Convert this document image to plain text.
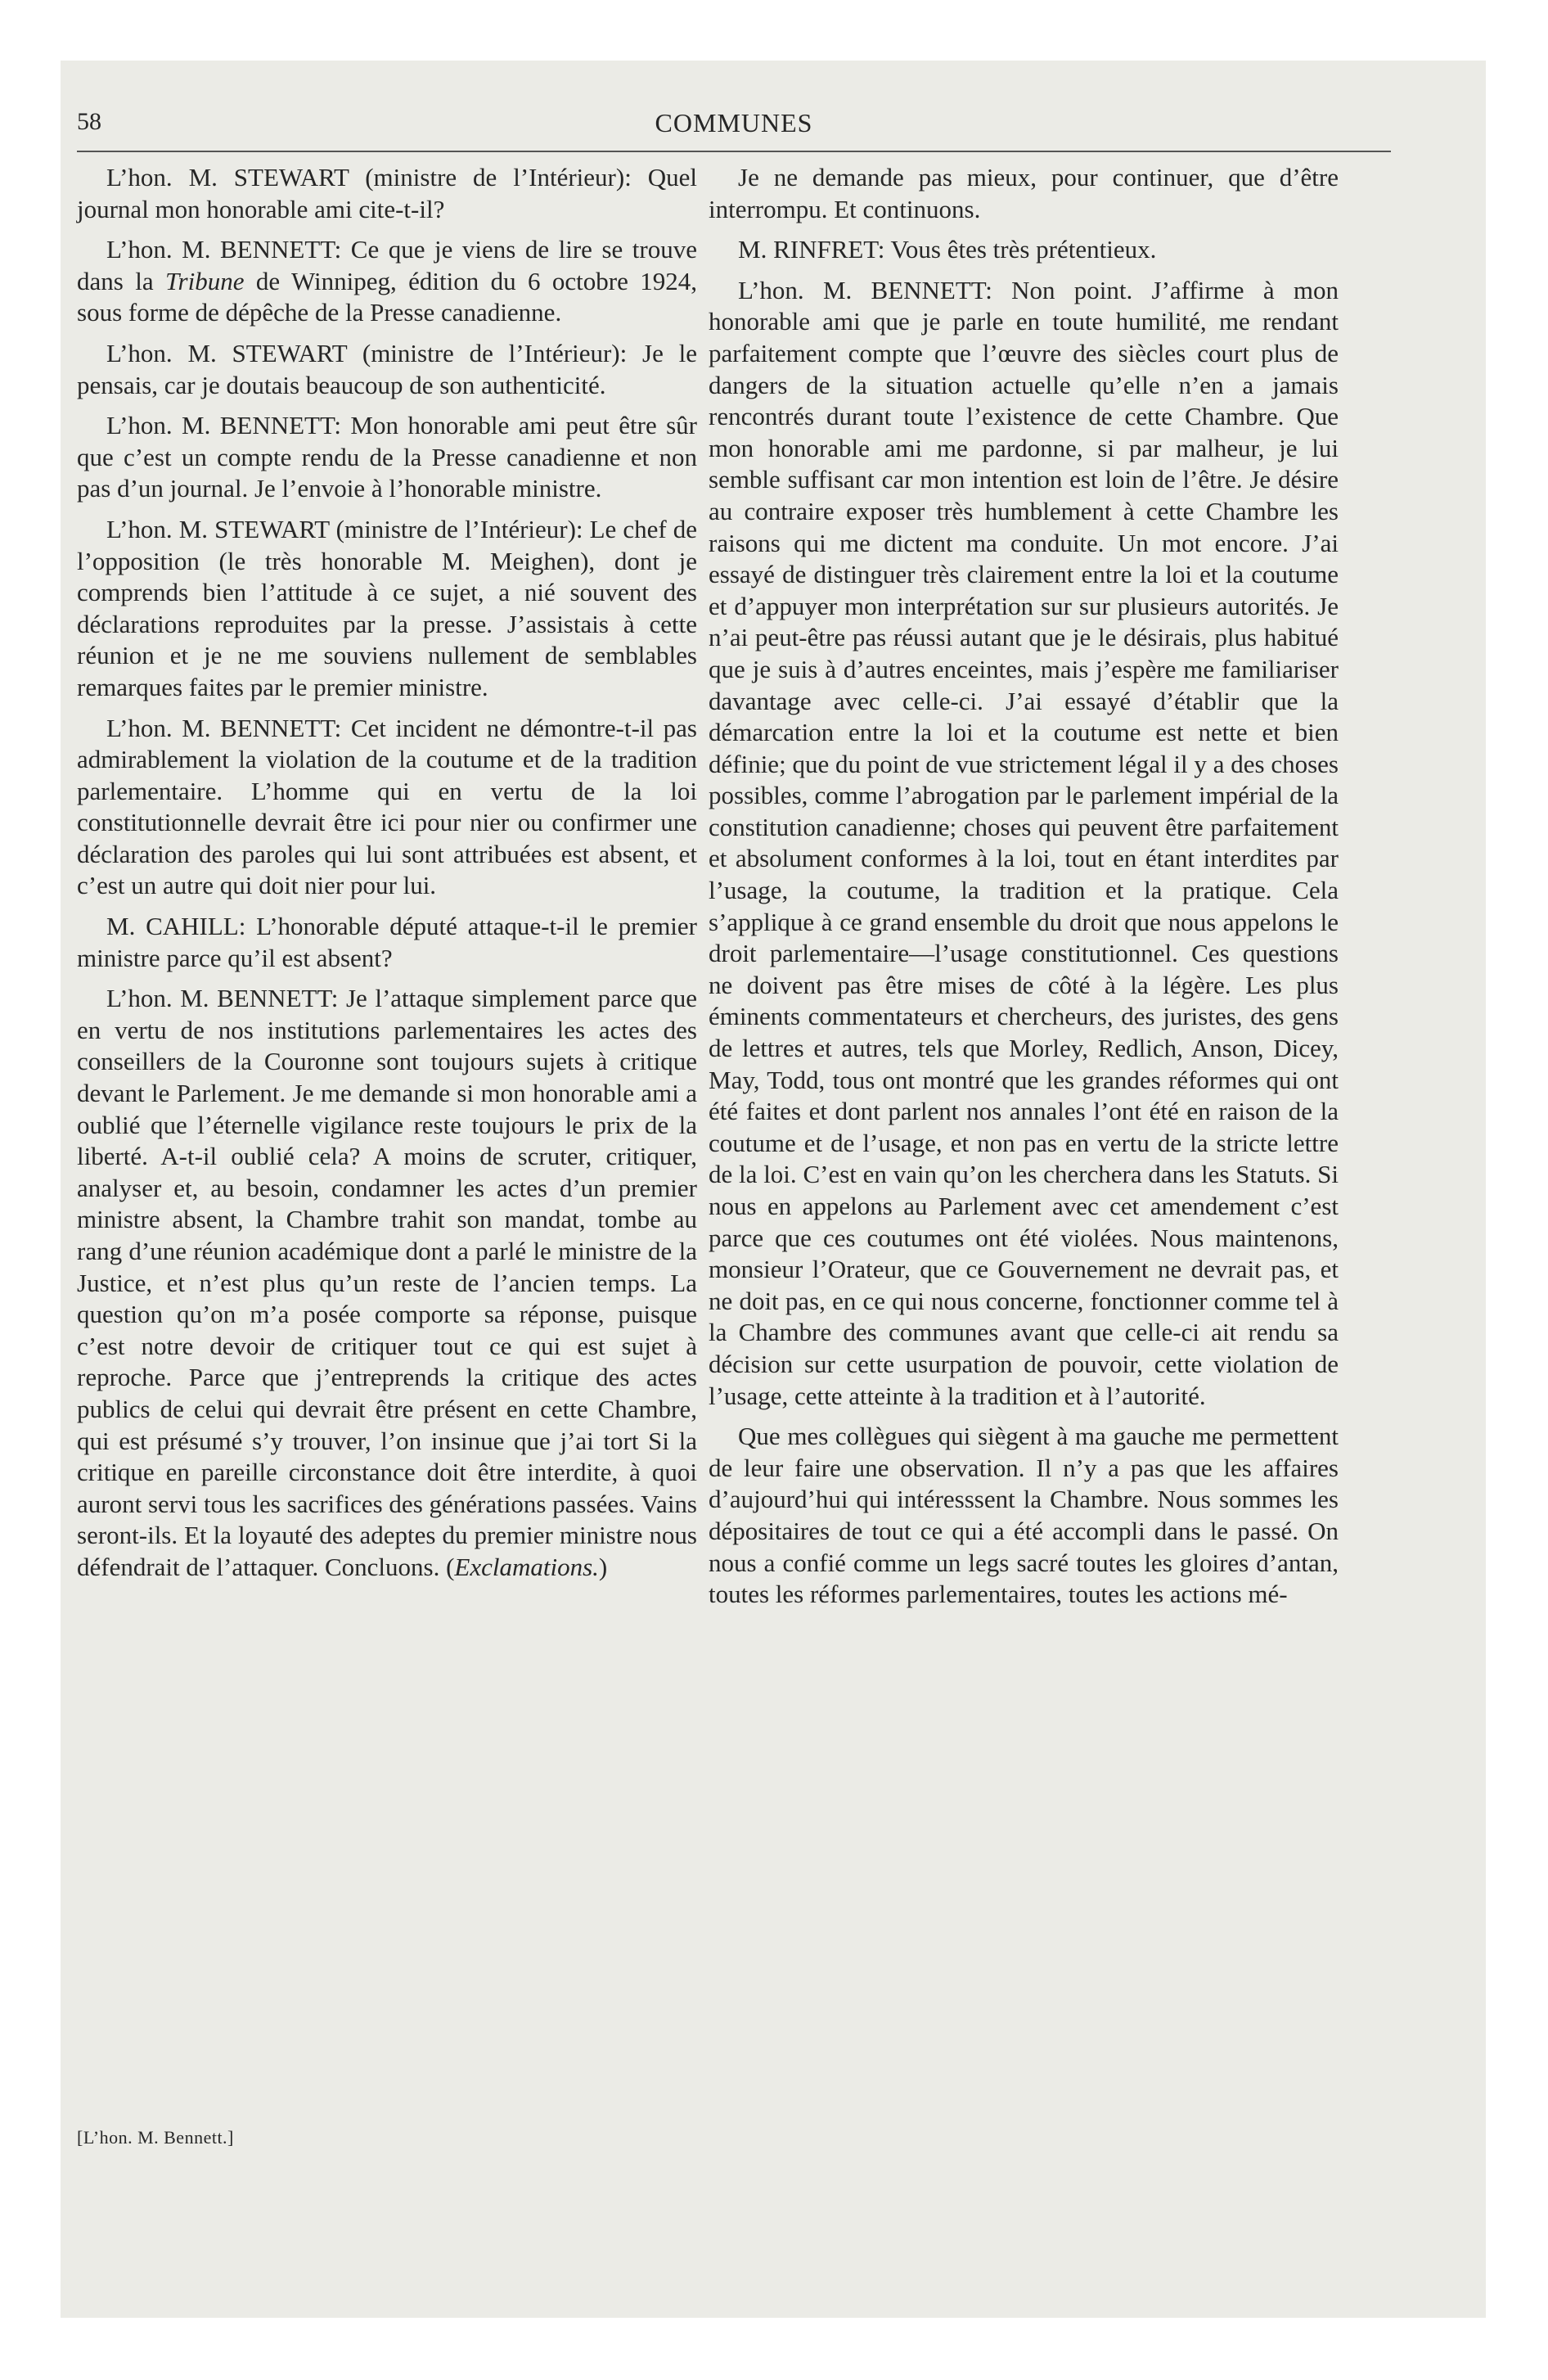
58	COMMUNES

L’hon. M. STEWART (ministre de l’Intérieur): Quel journal mon honorable ami cite-t-il?

L’hon. M. BENNETT: Ce que je viens de lire se trouve dans la Tribune de Winnipeg, édition du 6 octobre 1924, sous forme de dépêche de la Presse canadienne.

L’hon. M. STEWART (ministre de l’Intérieur): Je le pensais, car je doutais beaucoup de son authenticité.

L’hon. M. BENNETT: Mon honorable ami peut être sûr que c’est un compte rendu de la Presse canadienne et non pas d’un journal. Je l’envoie à l’honorable ministre.

L’hon. M. STEWART (ministre de l’Intérieur): Le chef de l’opposition (le très honorable M. Meighen), dont je comprends bien l’attitude à ce sujet, a nié souvent des déclarations reproduites par la presse. J’assistais à cette réunion et je ne me souviens nullement de semblables remarques faites par le premier ministre.

L’hon. M. BENNETT: Cet incident ne démontre-t-il pas admirablement la violation de la coutume et de la tradition parlementaire. L’homme qui en vertu de la loi constitutionnelle devrait être ici pour nier ou confirmer une déclaration des paroles qui lui sont attribuées est absent, et c’est un autre qui doit nier pour lui.

M. CAHILL: L’honorable député attaque-t-il le premier ministre parce qu’il est absent?

L’hon. M. BENNETT: Je l’attaque simplement parce que en vertu de nos institutions parlementaires les actes des conseillers de la Couronne sont toujours sujets à critique devant le Parlement. Je me demande si mon honorable ami a oublié que l’éternelle vigilance reste toujours le prix de la liberté. A-t-il oublié cela? A moins de scruter, critiquer, analyser et, au besoin, condamner les actes d’un premier ministre absent, la Chambre trahit son mandat, tombe au rang d’une réunion académique dont a parlé le ministre de la Justice, et n’est plus qu’un reste de l’ancien temps. La question qu’on m’a posée comporte sa réponse, puisque c’est notre devoir de critiquer tout ce qui est sujet à reproche. Parce que j’entreprends la critique des actes publics de celui qui devrait être présent en cette Chambre, qui est présumé s’y trouver, l’on insinue que j’ai tort Si la critique en pareille circonstance doit être interdite, à quoi auront servi tous les sacrifices des générations passées. Vains seront-ils. Et la loyauté des adeptes du premier ministre nous défendrait de l’attaquer. Concluons. (Exclamations.)

[L’hon. M. Bennett.]

Je ne demande pas mieux, pour continuer, que d’être interrompu. Et continuons.

M. RINFRET: Vous êtes très prétentieux.

L’hon. M. BENNETT: Non point. J’affirme à mon honorable ami que je parle en toute humilité, me rendant parfaitement compte que l’œuvre des siècles court plus de dangers de la situation actuelle qu’elle n’en a jamais rencontrés durant toute l’existence de cette Chambre. Que mon honorable ami me pardonne, si par malheur, je lui semble suffisant car mon intention est loin de l’être. Je désire au contraire exposer très humblement à cette Chambre les raisons qui me dictent ma conduite. Un mot encore. J’ai essayé de distinguer très clairement entre la loi et la coutume et d’appuyer mon interprétation sur sur plusieurs autorités. Je n’ai peut-être pas réussi autant que je le désirais, plus habitué que je suis à d’autres enceintes, mais j’espère me familiariser davantage avec celle-ci. J’ai essayé d’établir que la démarcation entre la loi et la coutume est nette et bien définie; que du point de vue strictement légal il y a des choses possibles, comme l’abrogation par le parlement impérial de la constitution canadienne; choses qui peuvent être parfaitement et absolument conformes à la loi, tout en étant interdites par l’usage, la coutume, la tradition et la pratique. Cela s’applique à ce grand ensemble du droit que nous appelons le droit parlementaire—l’usage constitutionnel. Ces questions ne doivent pas être mises de côté à la légère. Les plus éminents commentateurs et chercheurs, des juristes, des gens de lettres et autres, tels que Morley, Redlich, Anson, Dicey, May, Todd, tous ont montré que les grandes réformes qui ont été faites et dont parlent nos annales l’ont été en raison de la coutume et de l’usage, et non pas en vertu de la stricte lettre de la loi. C’est en vain qu’on les cherchera dans les Statuts. Si nous en appelons au Parlement avec cet amendement c’est parce que ces coutumes ont été violées. Nous maintenons, monsieur l’Orateur, que ce Gouvernement ne devrait pas, et ne doit pas, en ce qui nous concerne, fonctionner comme tel à la Chambre des communes avant que celle-ci ait rendu sa décision sur cette usurpation de pouvoir, cette violation de l’usage, cette atteinte à la tradition et à l’autorité.

Que mes collègues qui siègent à ma gauche me permettent de leur faire une observation. Il n’y a pas que les affaires d’aujourd’hui qui intéresssent la Chambre. Nous sommes les dépositaires de tout ce qui a été accompli dans le passé. On nous a confié comme un legs sacré toutes les gloires d’antan, toutes les réformes parlementaires, toutes les actions mé-
